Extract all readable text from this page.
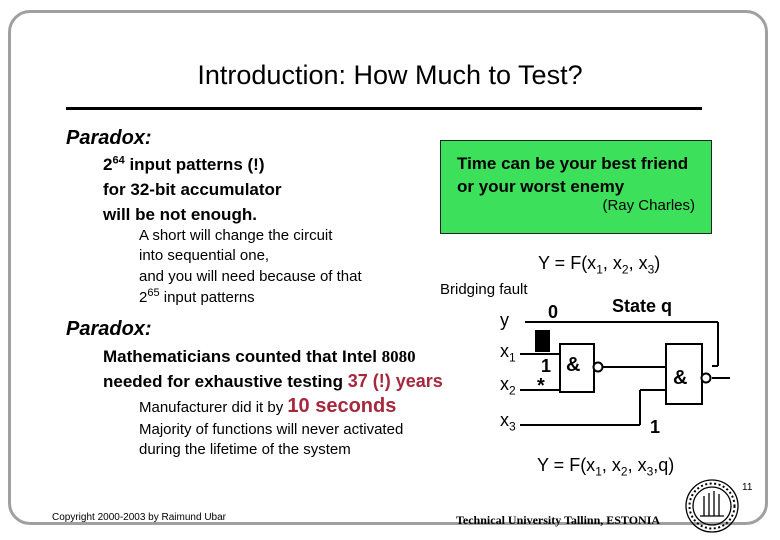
Introduction: How Much to Test?
Paradox:
$2^{64}$ input patterns (!)
for 32-bit accumulator
will be not enough.
A short will change the circuit
into sequential one,
and you will need because of that
$2^{65}$ input patterns
Time can be your best friend
or your worst enemy
(Ray Charles)
Paradox:
Mathematicians counted that Intel 8080
needed for exhaustive testing 37 (!) years
Manufacturer did it by 10 seconds
Majority of functions will never activated
during the lifetime of the system
$Y = F(x_1$, $x_2$, $x_3$)
Bridging fault
State q
0
y
$x_1$ 1
$x_2$ *
$x_3$
&
&
1
$Y = F(x_1$, $x_2$, $x_3,q$)
11
Copyright 2000-2003 by Raimund Ubar	Technical University Tallinn, ESTONIA
